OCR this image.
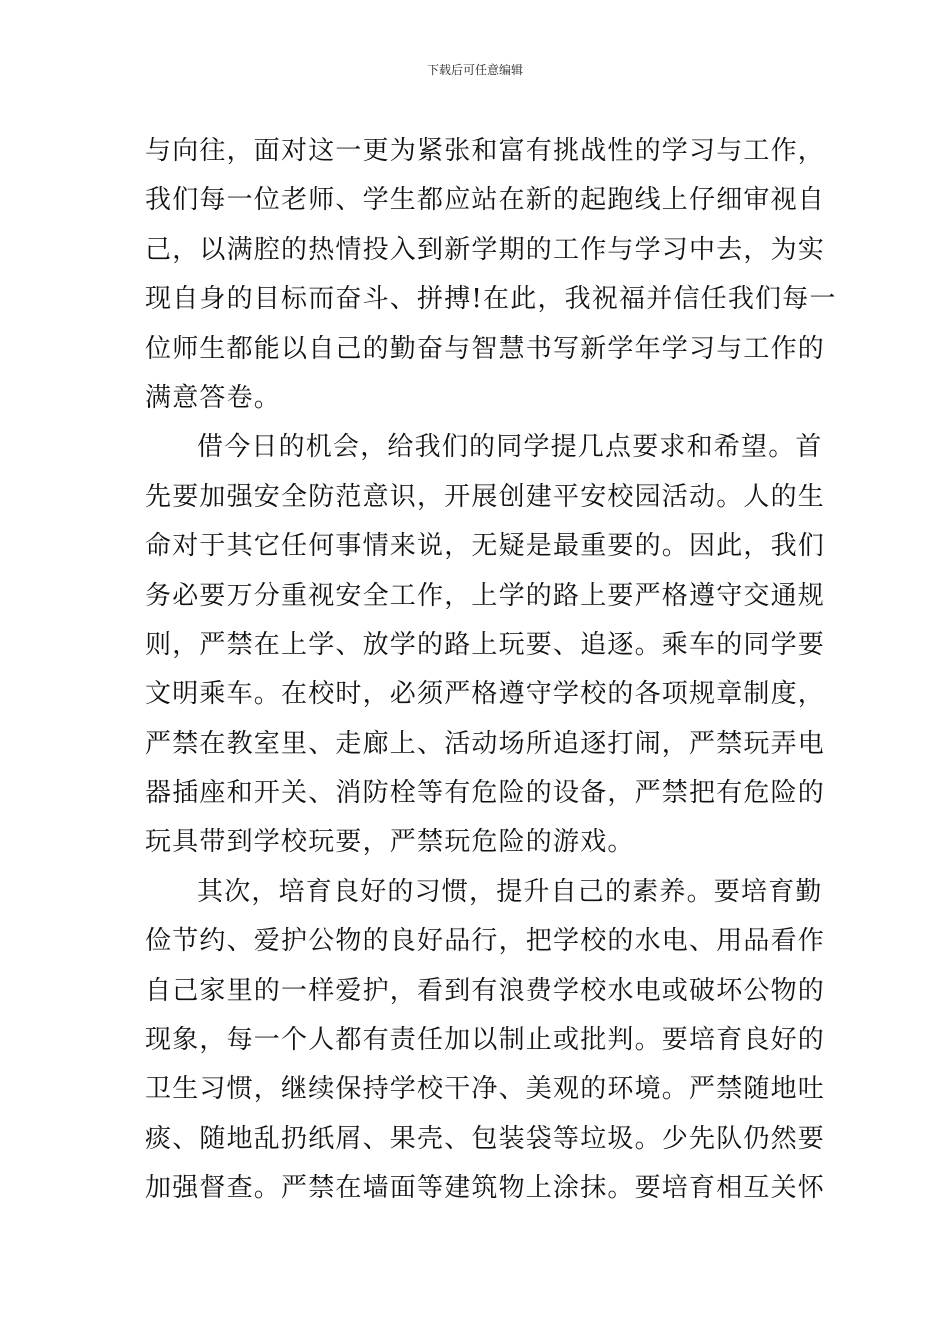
下载后可任意编辑
与向往，面对这一更为紧张和富有挑战性的学习与工作，
我们每一位老师、学生都应站在新的起跑线上仔细审视自
己，以满腔的热情投入到新学期的工作与学习中去，为实
现自身的目标而奋斗、拼搏!在此，我祝福并信任我们每一
位师生都能以自己的勤奋与智慧书写新学年学习与工作的
满意答卷。
借今日的机会，给我们的同学提几点要求和希望。首
先要加强安全防范意识，开展创建平安校园活动。人的生
命对于其它任何事情来说，无疑是最重要的。因此，我们
务必要万分重视安全工作，上学的路上要严格遵守交通规
则，严禁在上学、放学的路上玩要、追逐。乘车的同学要
文明乘车。在校时，必须严格遵守学校的各项规章制度，
严禁在教室里、走廊上、活动场所追逐打闹，严禁玩弄电
器插座和开关、消防栓等有危险的设备，严禁把有危险的
玩具带到学校玩要，严禁玩危险的游戏。
其次，培育良好的习惯，提升自己的素养。要培育勤
俭节约、爱护公物的良好品行，把学校的水电、用品看作
自己家里的一样爱护，看到有浪费学校水电或破坏公物的
现象，每一个人都有责任加以制止或批判。要培育良好的
卫生习惯，继续保持学校干净、美观的环境。严禁随地吐
痰、随地乱扔纸屑、果壳、包装袋等垃圾。少先队仍然要
加强督查。严禁在墙面等建筑物上涂抹。要培育相互关怀
